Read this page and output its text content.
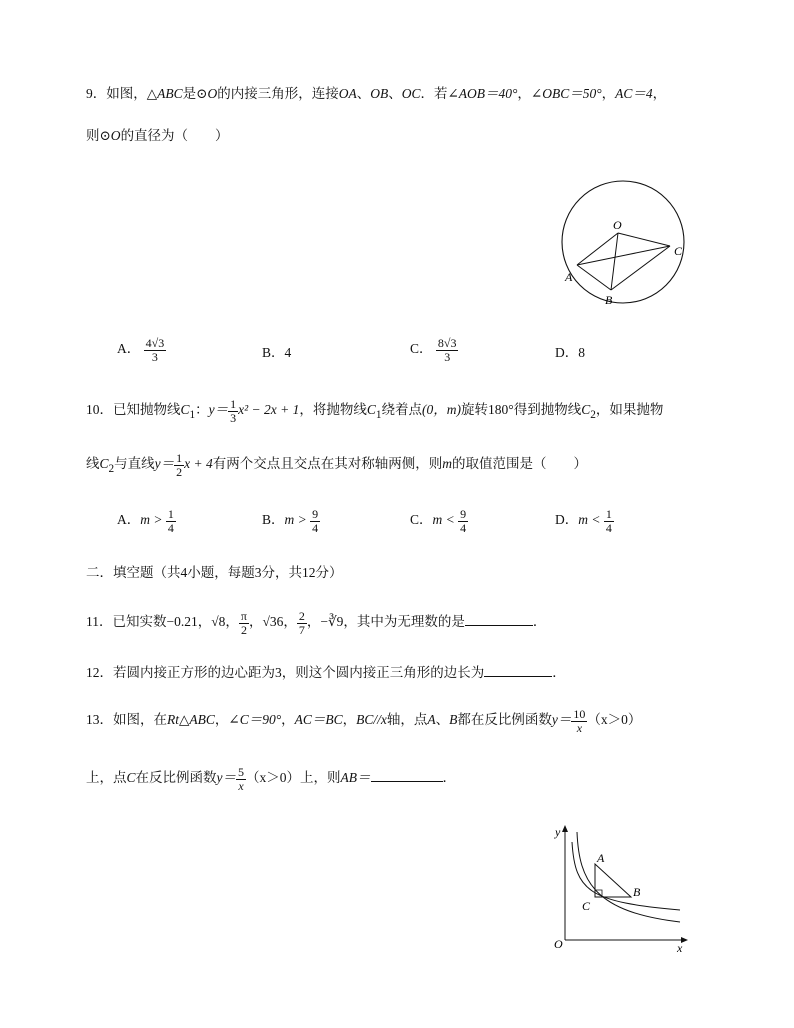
9．如图，△ABC是⊙O的内接三角形，连接OA、OB、OC．若∠AOB＝40°，∠OBC＝50°，AC＝4，
则⊙O的直径为（　　）
O
A
B
C
A． $\frac{4√3}{3}$	B．4	C． $\frac{8√3}{3}$	D．8
10．已知抛物线$C_1$：$y= \frac{1}{3} x^2 - 2x + 1$，将抛物线$C_1$绕着点(0，m)旋转180°得到抛物线$C_2$，如果抛物
线$C_2$与直线$y= \frac{1}{2}$ x + 4有两个交点且交点在其对称轴两侧，则m的取值范围是（　　）
A．$m > \frac{1}{4}$	B．$m > \frac{9}{4}$	C．$m < \frac{9}{4}$	D．$m < \frac{1}{4}$
二．填空题（共4小题，每题3分，共12分）
11．已知实数−0.21，√8， $\frac{\pi}{2}$ ，√36， $\frac{2}{7}$ ，−∛9，其中为无理数的是	．
12．若圆内接正方形的边心距为3，则这个圆内接正三角形的边长为	．
13．如图，在Rt△ABC，∠C＝90°，AC＝BC，BC//x轴，点A、B都在反比例函数$y= \frac{10}{x} (x>0)$
上，点C在反比例函数$y= \frac{5}{x} (x>0)$上，则AB＝	．
y
x
O
A
B
C
